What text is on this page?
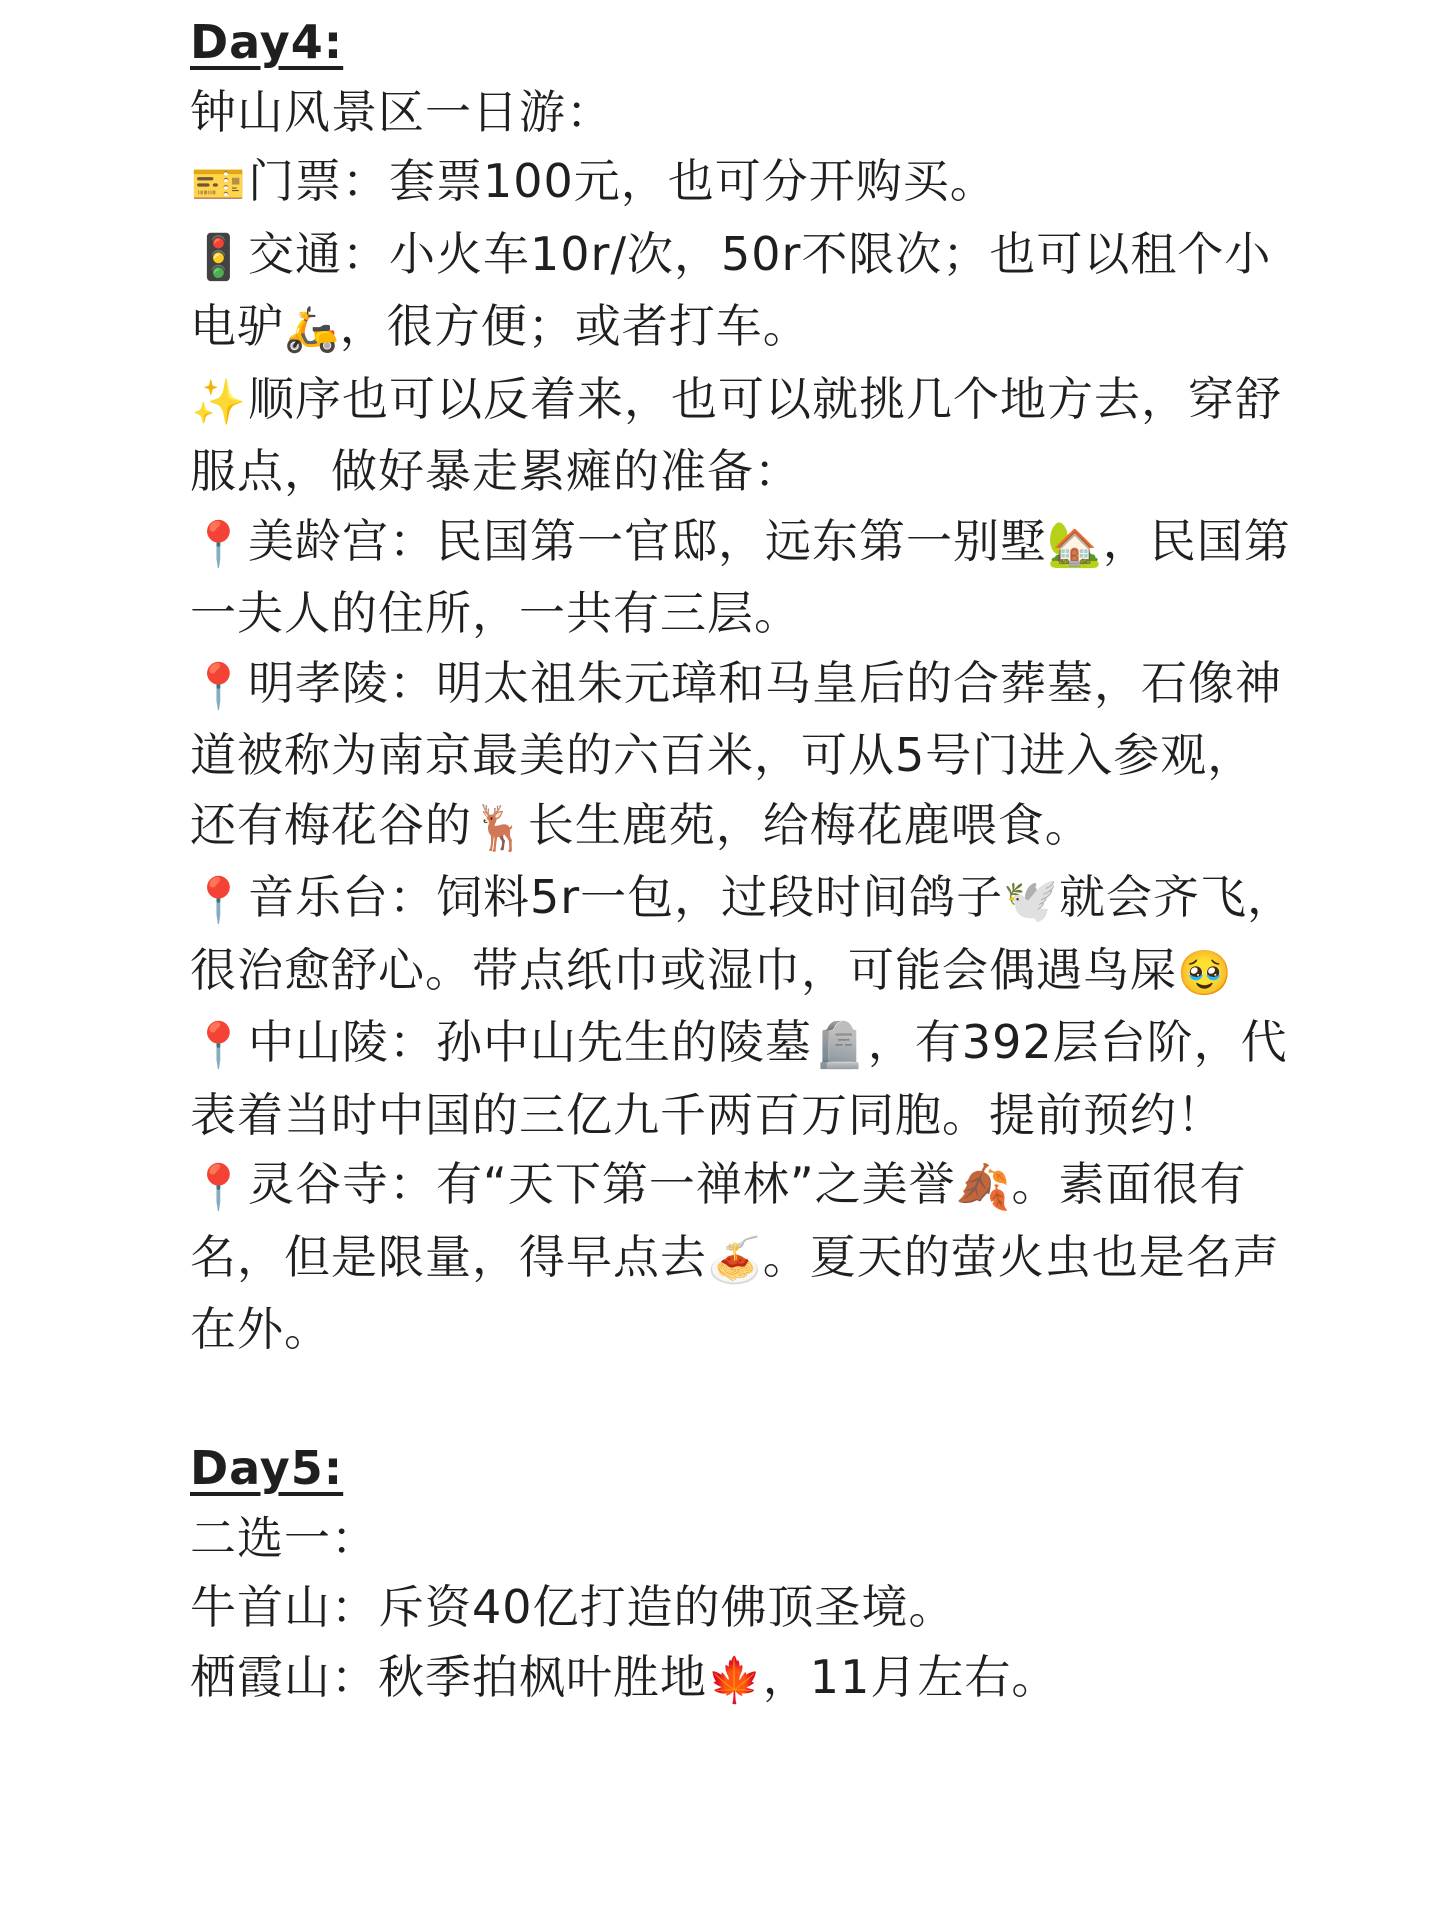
Day4:
钟山风景区一日游：
🎫门票：套票100元，也可分开购买。
🚦交通：小火车10r/次，50r不限次；也可以租个小电驴🛵，很方便；或者打车。
✨顺序也可以反着来，也可以就挑几个地方去，穿舒服点，做好暴走累瘫的准备：
📍美龄宫：民国第一官邸，远东第一别墅🏡，民国第一夫人的住所，一共有三层。
📍明孝陵：明太祖朱元璋和马皇后的合葬墓，石像神道被称为南京最美的六百米，可从5号门进入参观，还有梅花谷的🦌长生鹿苑，给梅花鹿喂食。
📍音乐台：饲料5r一包，过段时间鸽子🕊️就会齐飞，很治愈舒心。带点纸巾或湿巾，可能会偶遇鸟屎🥹
📍中山陵：孙中山先生的陵墓🪦，有392层台阶，代表着当时中国的三亿九千两百万同胞。提前预约！
📍灵谷寺：有“天下第一禅林”之美誉🍂。素面很有名，但是限量，得早点去🍝。夏天的萤火虫也是名声在外。
Day5:
二选一：
牛首山：斥资40亿打造的佛顶圣境。
栖霞山：秋季拍枫叶胜地🍁，11月左右。
